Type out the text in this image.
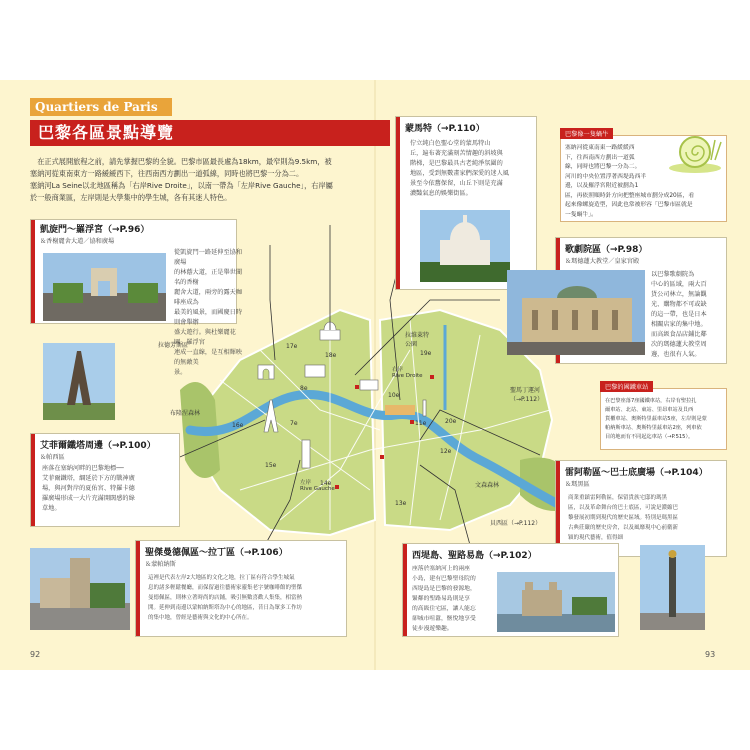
Quartiers de Paris
巴黎各區景點導覽

　在正式展開旅程之前，請先掌握巴黎的全貌。巴黎市區最長處為18km，最窄則為9.5km，被

塞納河從東南東方一路緩緩西下，往西南西方劃出一道弧線，同時也將巴黎一分為二。

塞納河La Seine以北地區稱為「右岸Rive Droite」，以南一帶為「左岸Rive Gauche」，右岸屬

於一般商業區，左岸則是大學集中的學生城，各有其迷人特色。

拉德芳斯區
布隆涅森林
拉維萊特
公園
聖馬丁運河
（→P.112）
貝西區（→P.112）
文森森林
右岸
Rive Droite
左岸
Rive Gauche
17e
18e	19e
16e
15e
11e
12e
13e
20e
8e
10e
14e
7e
凱旋門～羅浮宮（→P.96）
＆香榭麗舍大道／協和廣場
從凱旋門一路延伸至協和廣場
的林蔭大道，正是舉世聞名的香榭
麗舍大道，兩旁的露天咖啡座成為
最美的風景，而國慶日時則會舉辦
盛大遊行。與杜樂麗花園、羅浮宮
連成一直線，是互相輝映的無敵美
景。
艾菲爾鐵塔周邊（→P.100）
＆帕西區
座落在塞納河畔的巴黎地標──
艾菲爾鐵塔，綱延於下方的戰神廣
場，與河對岸的夏佑宮、特羅卡德
羅廣場形成一大片充滿開闊感的綠
草地。
聖傑曼德佩區～拉丁區（→P.106）
＆蒙帕納斯
這裡是代表左岸2大地區的文化之地，拉丁區有符合學生城氣
息的諸多輕鬆餐廳，而保留過往藝術家靈集老字號咖啡館的聖傑
曼德佩區，則林立著時尚的店鋪，吸引無數喜歡人集集，相當熱
開。延伸到南邊以蒙帕納斯塔為中心的地區，昔日為眾多工作坊
的集中地，曾經是藝術與文化的中心所在。
蒙馬特（→P.110）
佇立純白色聖心堂的蒙馬特山
丘，遍布著充滿刻苦情趣的斜坡與
階梯，是巴黎最具古老純淨氛圍的
地區，受到無數畫家們深愛的迷人風
景至今依舊保留，山丘下則是充滿
濃豔氣息的娛樂街區。
歌劇院區（→P.98）
＆瑪德蓮大教堂／皇家宮殿
以巴黎歌劇院為
中心的區域，兩大百
貨公司林立，無論觀
光、購物都不可或缺
的這一帶，也是日本
相關店家的集中地。
而高級食品店鋪比鄰
次的瑪德蓮大教堂周
邊，也很有人氣。
雷阿勒區～巴士底廣場（→P.104）
＆瑪黑區
商業重鎮雷阿勒區，保留貴族宅邸的瑪黑
區，以及革命舞台的巴士底區，可說是濃縮巴
黎發展初期到現代的歷史區域。特別是瑪黑區
古典莊嚴的歷史房舍，以及風靡現中心前衛新
穎的現代藝術，值得細
西堤島、聖路易島（→P.102）
座落於塞納河上的兩座
小島，建有巴黎聖母院的
西堤島是巴黎的發源地，
緊鄰的聖路易島則是享
的高級住宅區，讓人能忘
卻城市喧囂，愜悅地享受
徒步漫遊樂趣。
巴黎像一隻蝸牛
塞納河從東南東一路緩緩西
下，往西南西方劃出一道弧
線，同時也將巴黎一分為二。
河川的中央位置浮著西堤島西半
邊，以及羅浮宮附近被劃為1
區，再依照順時針方向把整座城市劃分成20區，看
起來像螺旋造型，因此也常被形容「巴黎市區就是
一隻蝸牛」。
巴黎的國鐵車站
在巴黎座落7座國鐵車站，右岸有聖拉扎
爾車站、北站、東站、里昂車站及貝西
貨櫃車站、奧斯特里茲車站5座，左岸則是蒙
帕納斯車站、奧斯特里茲車站2座，列車依
目的地而有不同起迄車站（→P.515）。
92	93
